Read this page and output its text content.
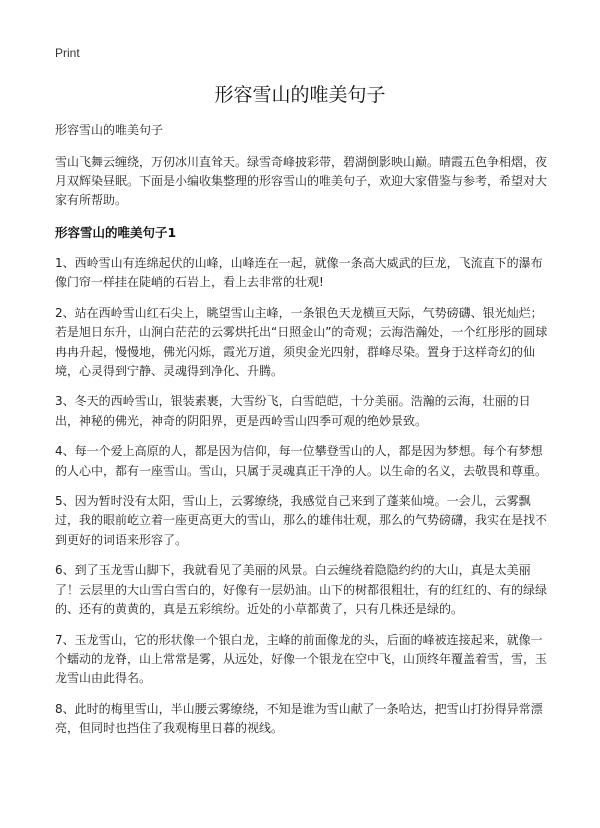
Print
形容雪山的唯美句子

形容雪山的唯美句子

雪山飞舞云缠绕，万仞冰川直耸天。绿雪奇峰披彩带，碧湖倒影映山巅。晴霞五色争相熠，夜月双辉染昼眠。下面是小编收集整理的形容雪山的唯美句子，欢迎大家借鉴与参考，希望对大家有所帮助。

形容雪山的唯美句子1

1、西岭雪山有连绵起伏的山峰，山峰连在一起，就像一条高大威武的巨龙，飞流直下的瀑布像门帘一样挂在陡峭的石岩上，看上去非常的壮观!

2、站在西岭雪山红石尖上，眺望雪山主峰，一条银色天龙横亘天际，气势磅礴、银光灿烂；若是旭日东升，山涧白茫茫的云雾烘托出“日照金山”的奇观；云海浩瀚处，一个红彤彤的圆球冉冉升起，慢慢地，佛光闪烁，霞光万道，须臾金光四射，群峰尽染。置身于这样奇幻的仙境，心灵得到宁静、灵魂得到净化、升腾。

3、冬天的西岭雪山，银装素裹，大雪纷飞，白雪皑皑，十分美丽。浩瀚的云海，壮丽的日出，神秘的佛光，神奇的阴阳界，更是西岭雪山四季可观的绝妙景致。

4、每一个爱上高原的人，都是因为信仰，每一位攀登雪山的人，都是因为梦想。每个有梦想的人心中，都有一座雪山。雪山，只属于灵魂真正干净的人。以生命的名义，去敬畏和尊重。

5、因为暂时没有太阳，雪山上，云雾缭绕，我感觉自己来到了蓬莱仙境。一会儿，云雾飘过，我的眼前屹立着一座更高更大的雪山，那么的雄伟壮观，那么的气势磅礴，我实在是找不到更好的词语来形容了。

6、到了玉龙雪山脚下，我就看见了美丽的风景。白云缠绕着隐隐约约的大山，真是太美丽了！云层里的大山雪白雪白的，好像有一层奶油。山下的树都很粗壮，有的红红的、有的绿绿的、还有的黄黄的，真是五彩缤纷。近处的小草都黄了，只有几株还是绿的。

7、玉龙雪山，它的形状像一个银白龙，主峰的前面像龙的头，后面的峰被连接起来，就像一个蠕动的龙脊，山上常常是雾，从远处，好像一个银龙在空中飞，山顶终年覆盖着雪，雪，玉龙雪山由此得名。

8、此时的梅里雪山，半山腰云雾缭绕，不知是谁为雪山献了一条哈达，把雪山打扮得异常漂亮，但同时也挡住了我观梅里日暮的视线。
